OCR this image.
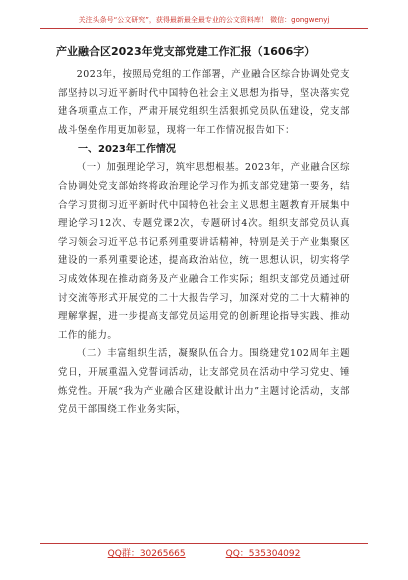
关注头条号“公文研究”，获得最新最全最专业的公文资料库！ 微信：gongwenyj
产业融合区2023年党支部党建工作汇报（1606字）

2023年，按照局党组的工作部署，产业融合区综合协调处党支部坚持以习近平新时代中国特色社会主义思想为指导，坚决落实党建各项重点工作，严肃开展党组织生活狠抓党员队伍建设，党支部战斗堡垒作用更加彰显，现将一年工作情况报告如下：

一、2023年工作情况

（一）加强理论学习，筑牢思想根基。2023年，产业融合区综合协调处党支部始终将政治理论学习作为抓支部党建第一要务，结合学习贯彻习近平新时代中国特色社会主义思想主题教育开展集中理论学习12次、专题党课2次，专题研讨4次。组织支部党员认真学习领会习近平总书记系列重要讲话精神，特别是关于产业集聚区建设的一系列重要论述，提高政治站位，统一思想认识，切实将学习成效体现在推动商务及产业融合工作实际；组织支部党员通过研讨交流等形式开展党的二十大报告学习，加深对党的二十大精神的理解掌握，进一步提高支部党员运用党的创新理论指导实践、推动工作的能力。

（二）丰富组织生活，凝聚队伍合力。围绕建党102周年主题党日，开展重温入党誓词活动，让支部党员在活动中学习党史、锤炼党性。开展“我为产业融合区建设献计出力”主题讨论活动，支部党员干部围绕工作业务实际，

QQ群：30265665	QQ：535304092
